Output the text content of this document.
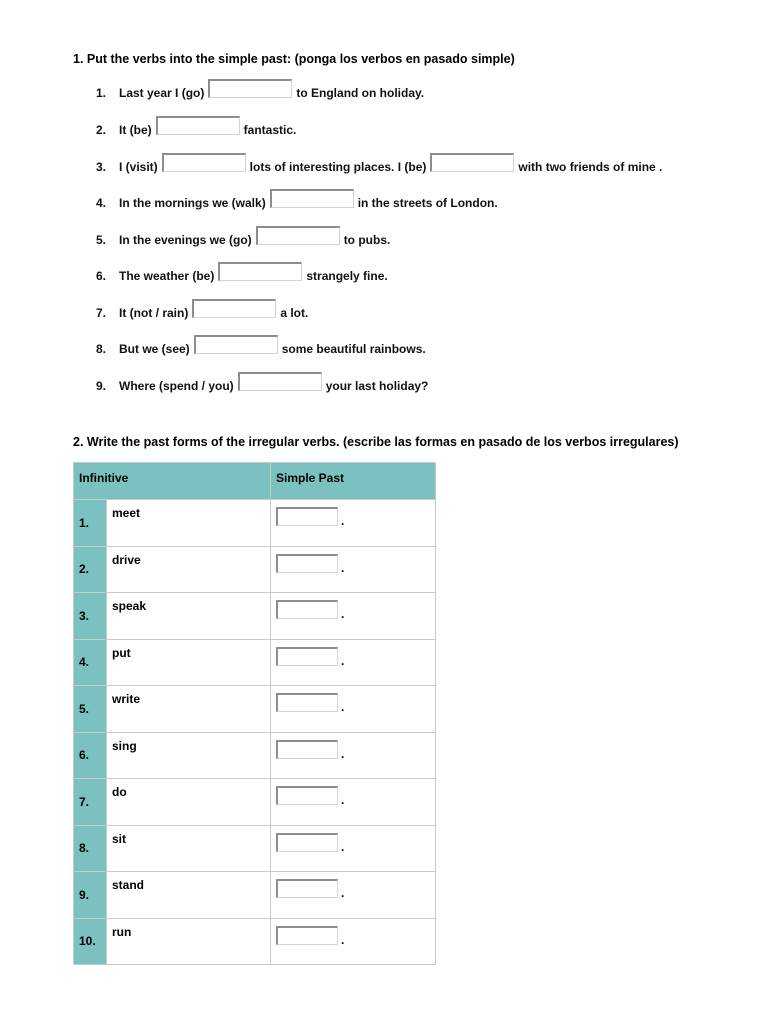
1. Put the verbs into the simple past: (ponga los verbos en pasado simple)
1.	Last year I (go)	to England on holiday.
2.	It (be)	fantastic.
3.	I (visit)	lots of interesting places. I (be)	with two friends of mine .
4.	In the mornings we (walk)	in the streets of London.
5.	In the evenings we (go)	to pubs.
6.	The weather (be)	strangely fine.
7.	It (not / rain)	a lot.
8.	But we (see)	some beautiful rainbows.
9.	Where (spend / you)	your last holiday?
2. Write the past forms of the irregular verbs. (escribe las formas en pasado de los verbos irregulares)
Infinitive		Simple Past

1.	meet	.
2.	drive	.
3.	speak	.
4.	put	.
5.	write	.
6.	sing	.
7.	do	.
8.	sit	.
9.	stand	.
10.	run	.
